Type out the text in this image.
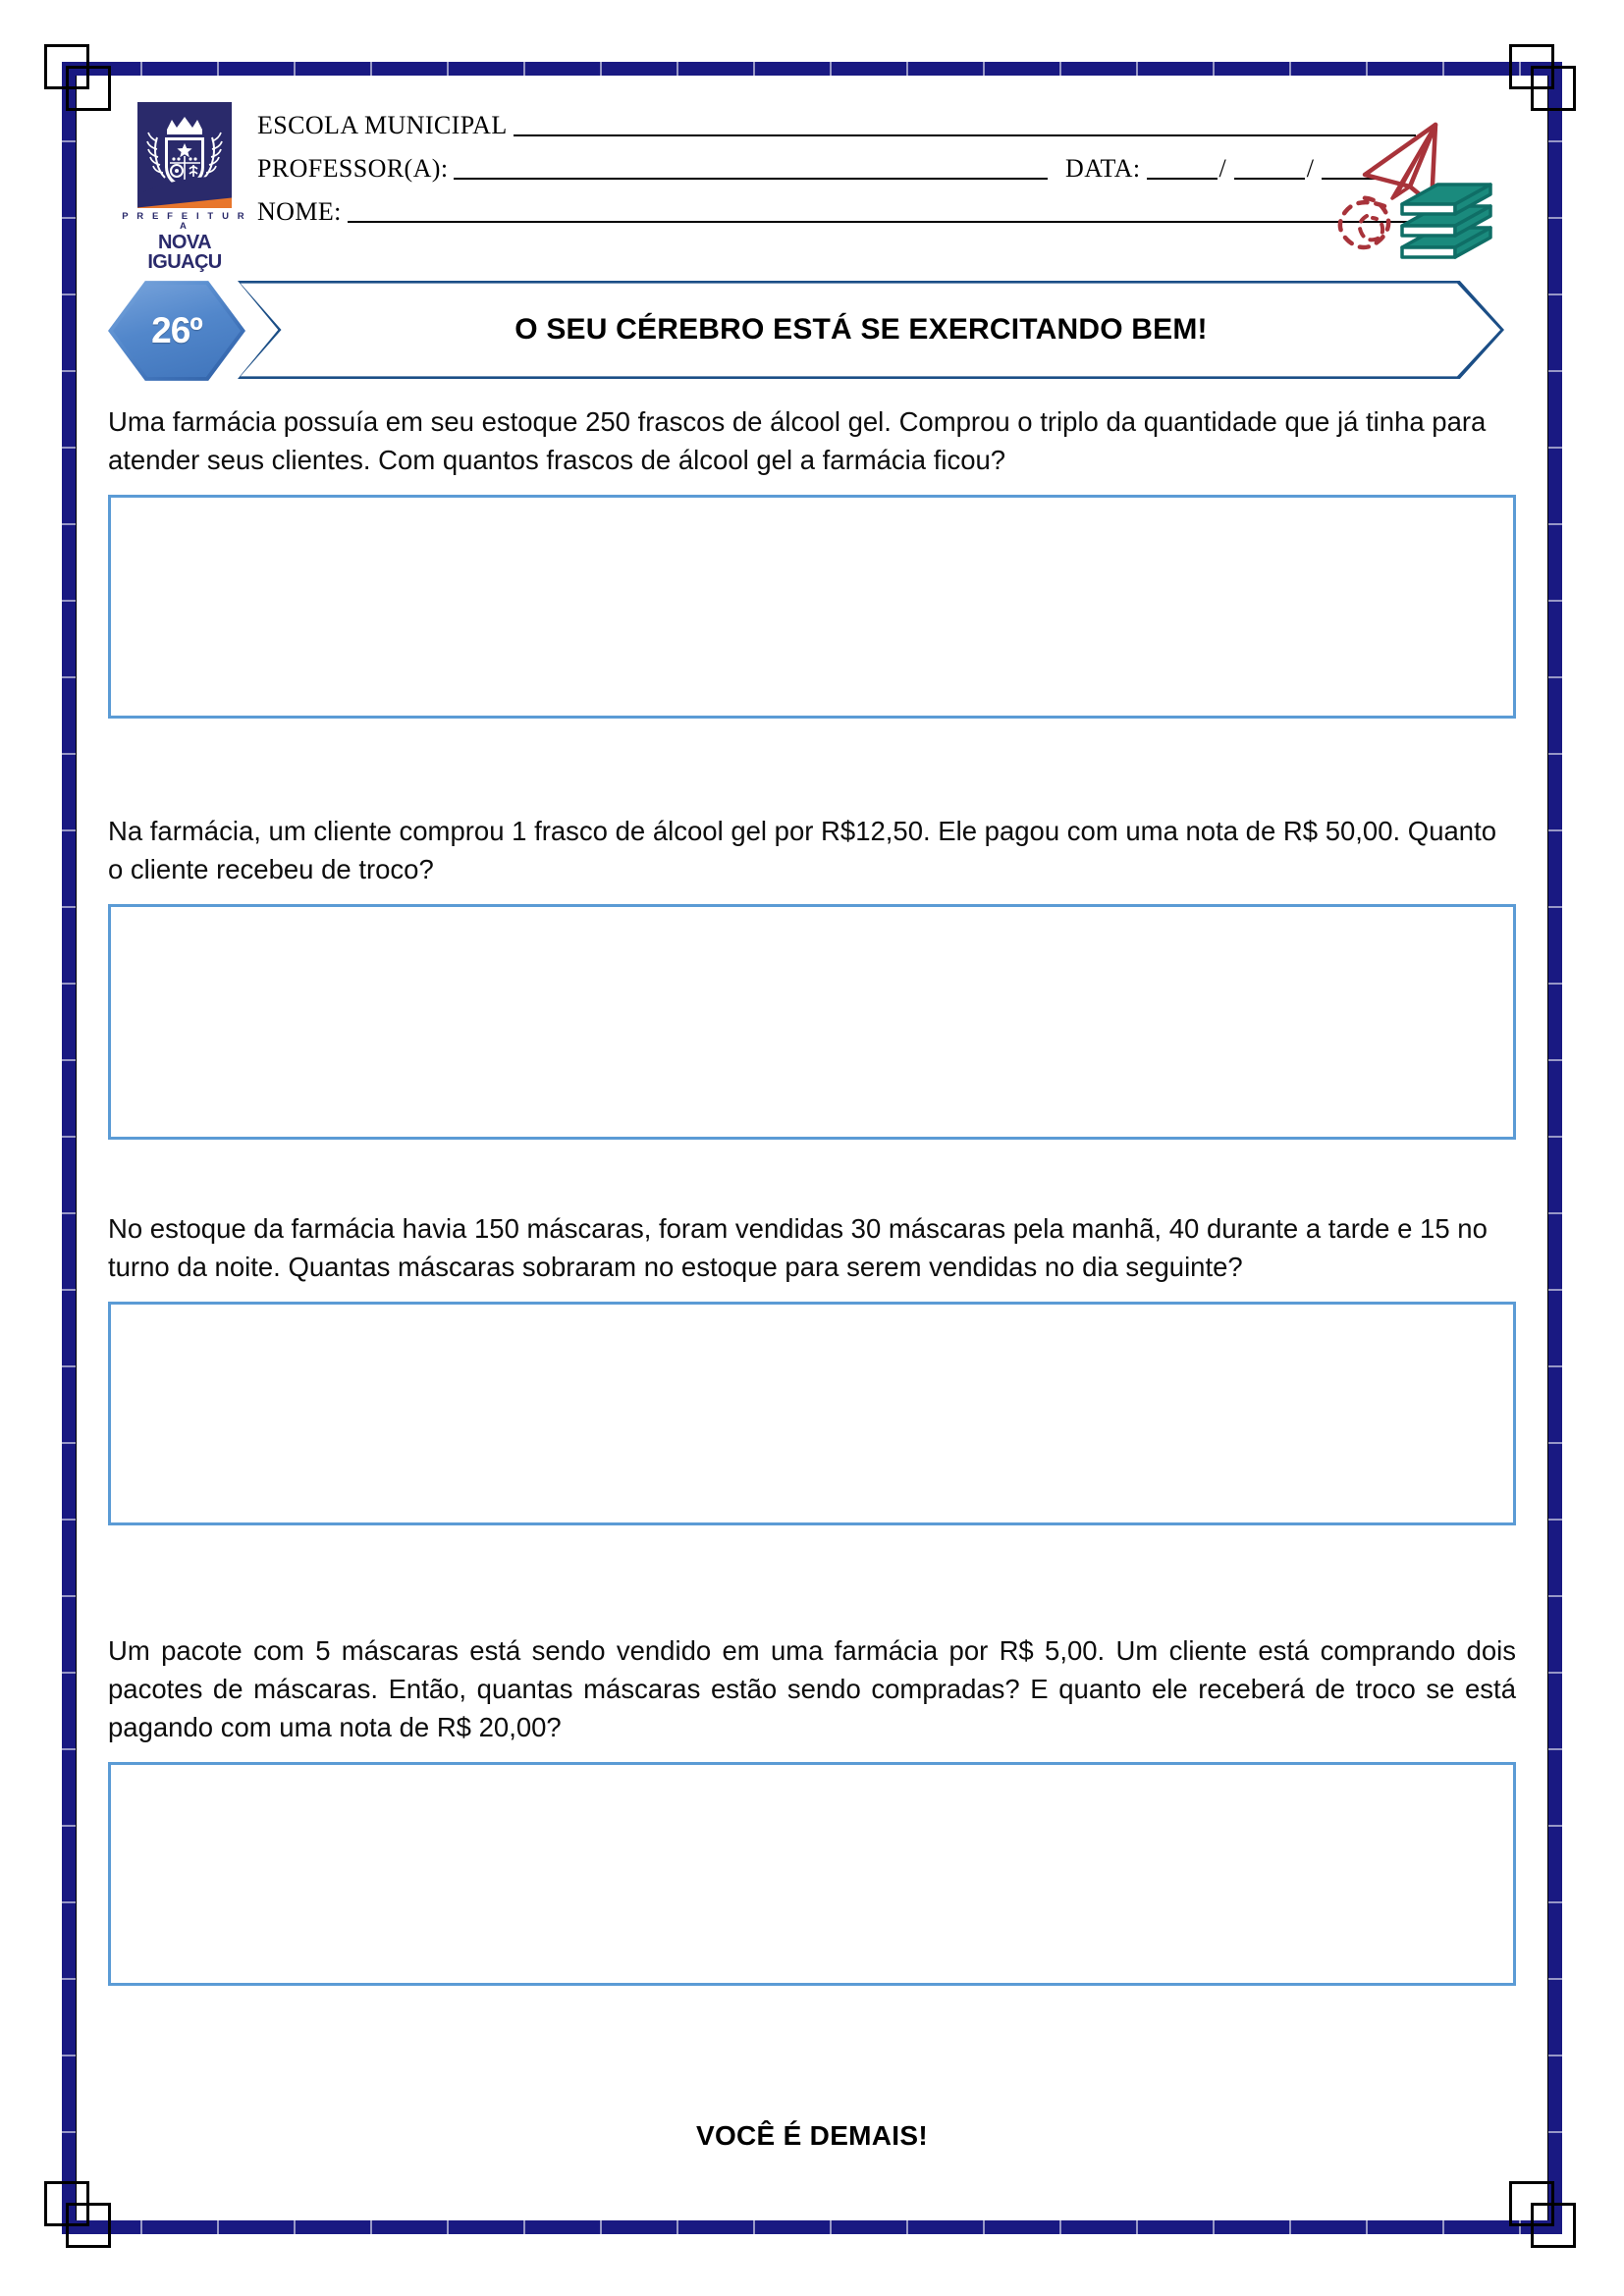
P R E F E I T U R A
NOVA IGUAÇU
ESCOLA MUNICIPAL
PROFESSOR(A):	DATA:	/	/
NOME:
26º	O SEU CÉREBRO ESTÁ SE EXERCITANDO BEM!
Uma farmácia possuía em seu estoque 250 frascos de álcool gel. Comprou o triplo da quantidade que já tinha para atender seus clientes. Com quantos frascos de álcool gel a farmácia ficou?
Na farmácia, um cliente comprou 1 frasco de álcool gel por R$12,50. Ele pagou com uma nota de R$ 50,00. Quanto o cliente recebeu de troco?
No estoque da farmácia havia 150 máscaras, foram vendidas 30 máscaras pela manhã, 40 durante a tarde e 15 no turno da noite. Quantas máscaras sobraram no estoque para serem vendidas no dia seguinte?
Um pacote com 5 máscaras está sendo vendido em uma farmácia por R$ 5,00. Um cliente está comprando dois pacotes de máscaras. Então, quantas máscaras estão sendo compradas? E quanto ele receberá de troco se está pagando com uma nota de R$ 20,00?
VOCÊ É DEMAIS!
